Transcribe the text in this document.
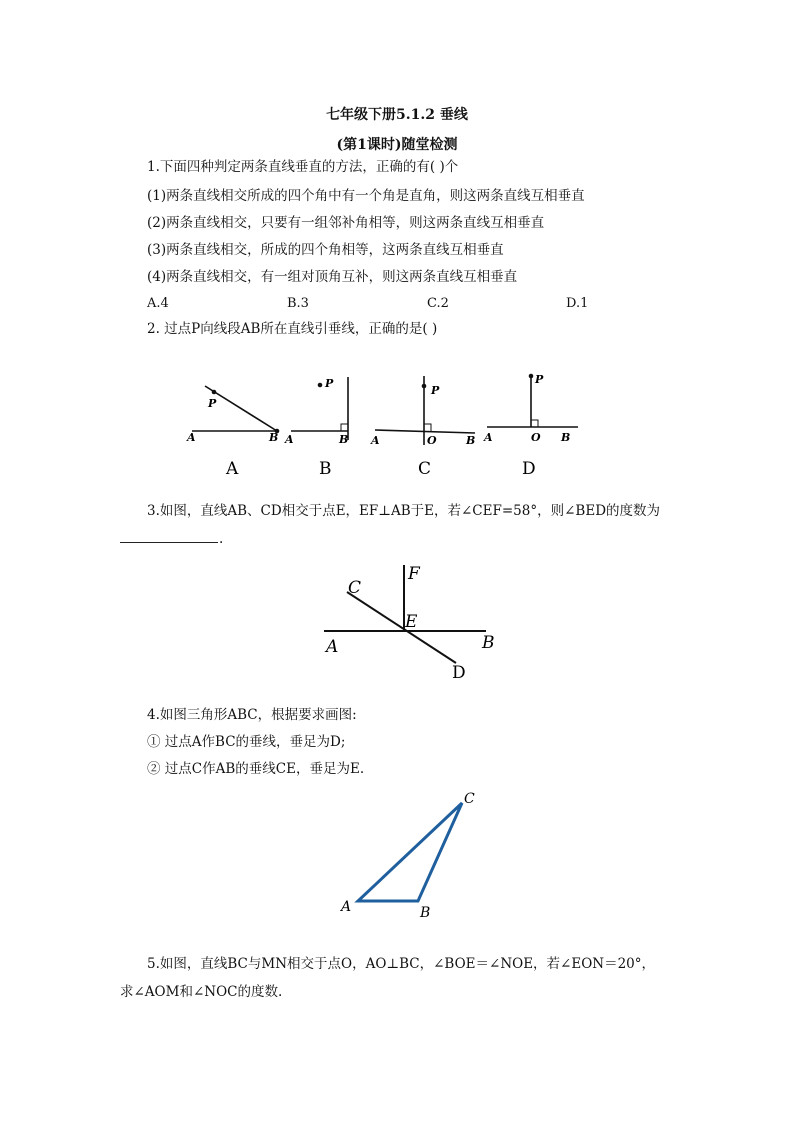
七年级下册5.1.2 垂线
(第1课时)随堂检测
1.下面四种判定两条直线垂直的方法，正确的有( )个
(1)两条直线相交所成的四个角中有一个角是直角，则这两条直线互相垂直
(2)两条直线相交，只要有一组邻补角相等，则这两条直线互相垂直
(3)两条直线相交，所成的四个角相等，这两条直线互相垂直
(4)两条直线相交，有一组对顶角互补，则这两条直线互相垂直
A.4	B.3	C.2	D.1
2. 过点P向线段AB所在直线引垂线，正确的是( )
3.如图，直线AB、CD相交于点E，EF⊥AB于E，若∠CEF=58°，则∠BED的度数为
.
4.如图三角形ABC，根据要求画图:
① 过点A作BC的垂线，垂足为D;
② 过点C作AB的垂线CE，垂足为E.
5.如图，直线BC与MN相交于点O，AO⊥BC，∠BOE＝∠NOE，若∠EON＝20°，
求∠AOM和∠NOC的度数.
P
A	B
P
A	B
P
A	O	B
P
A	O B
A	B	C	D
C
F
E
A	B
D
C
A	B
